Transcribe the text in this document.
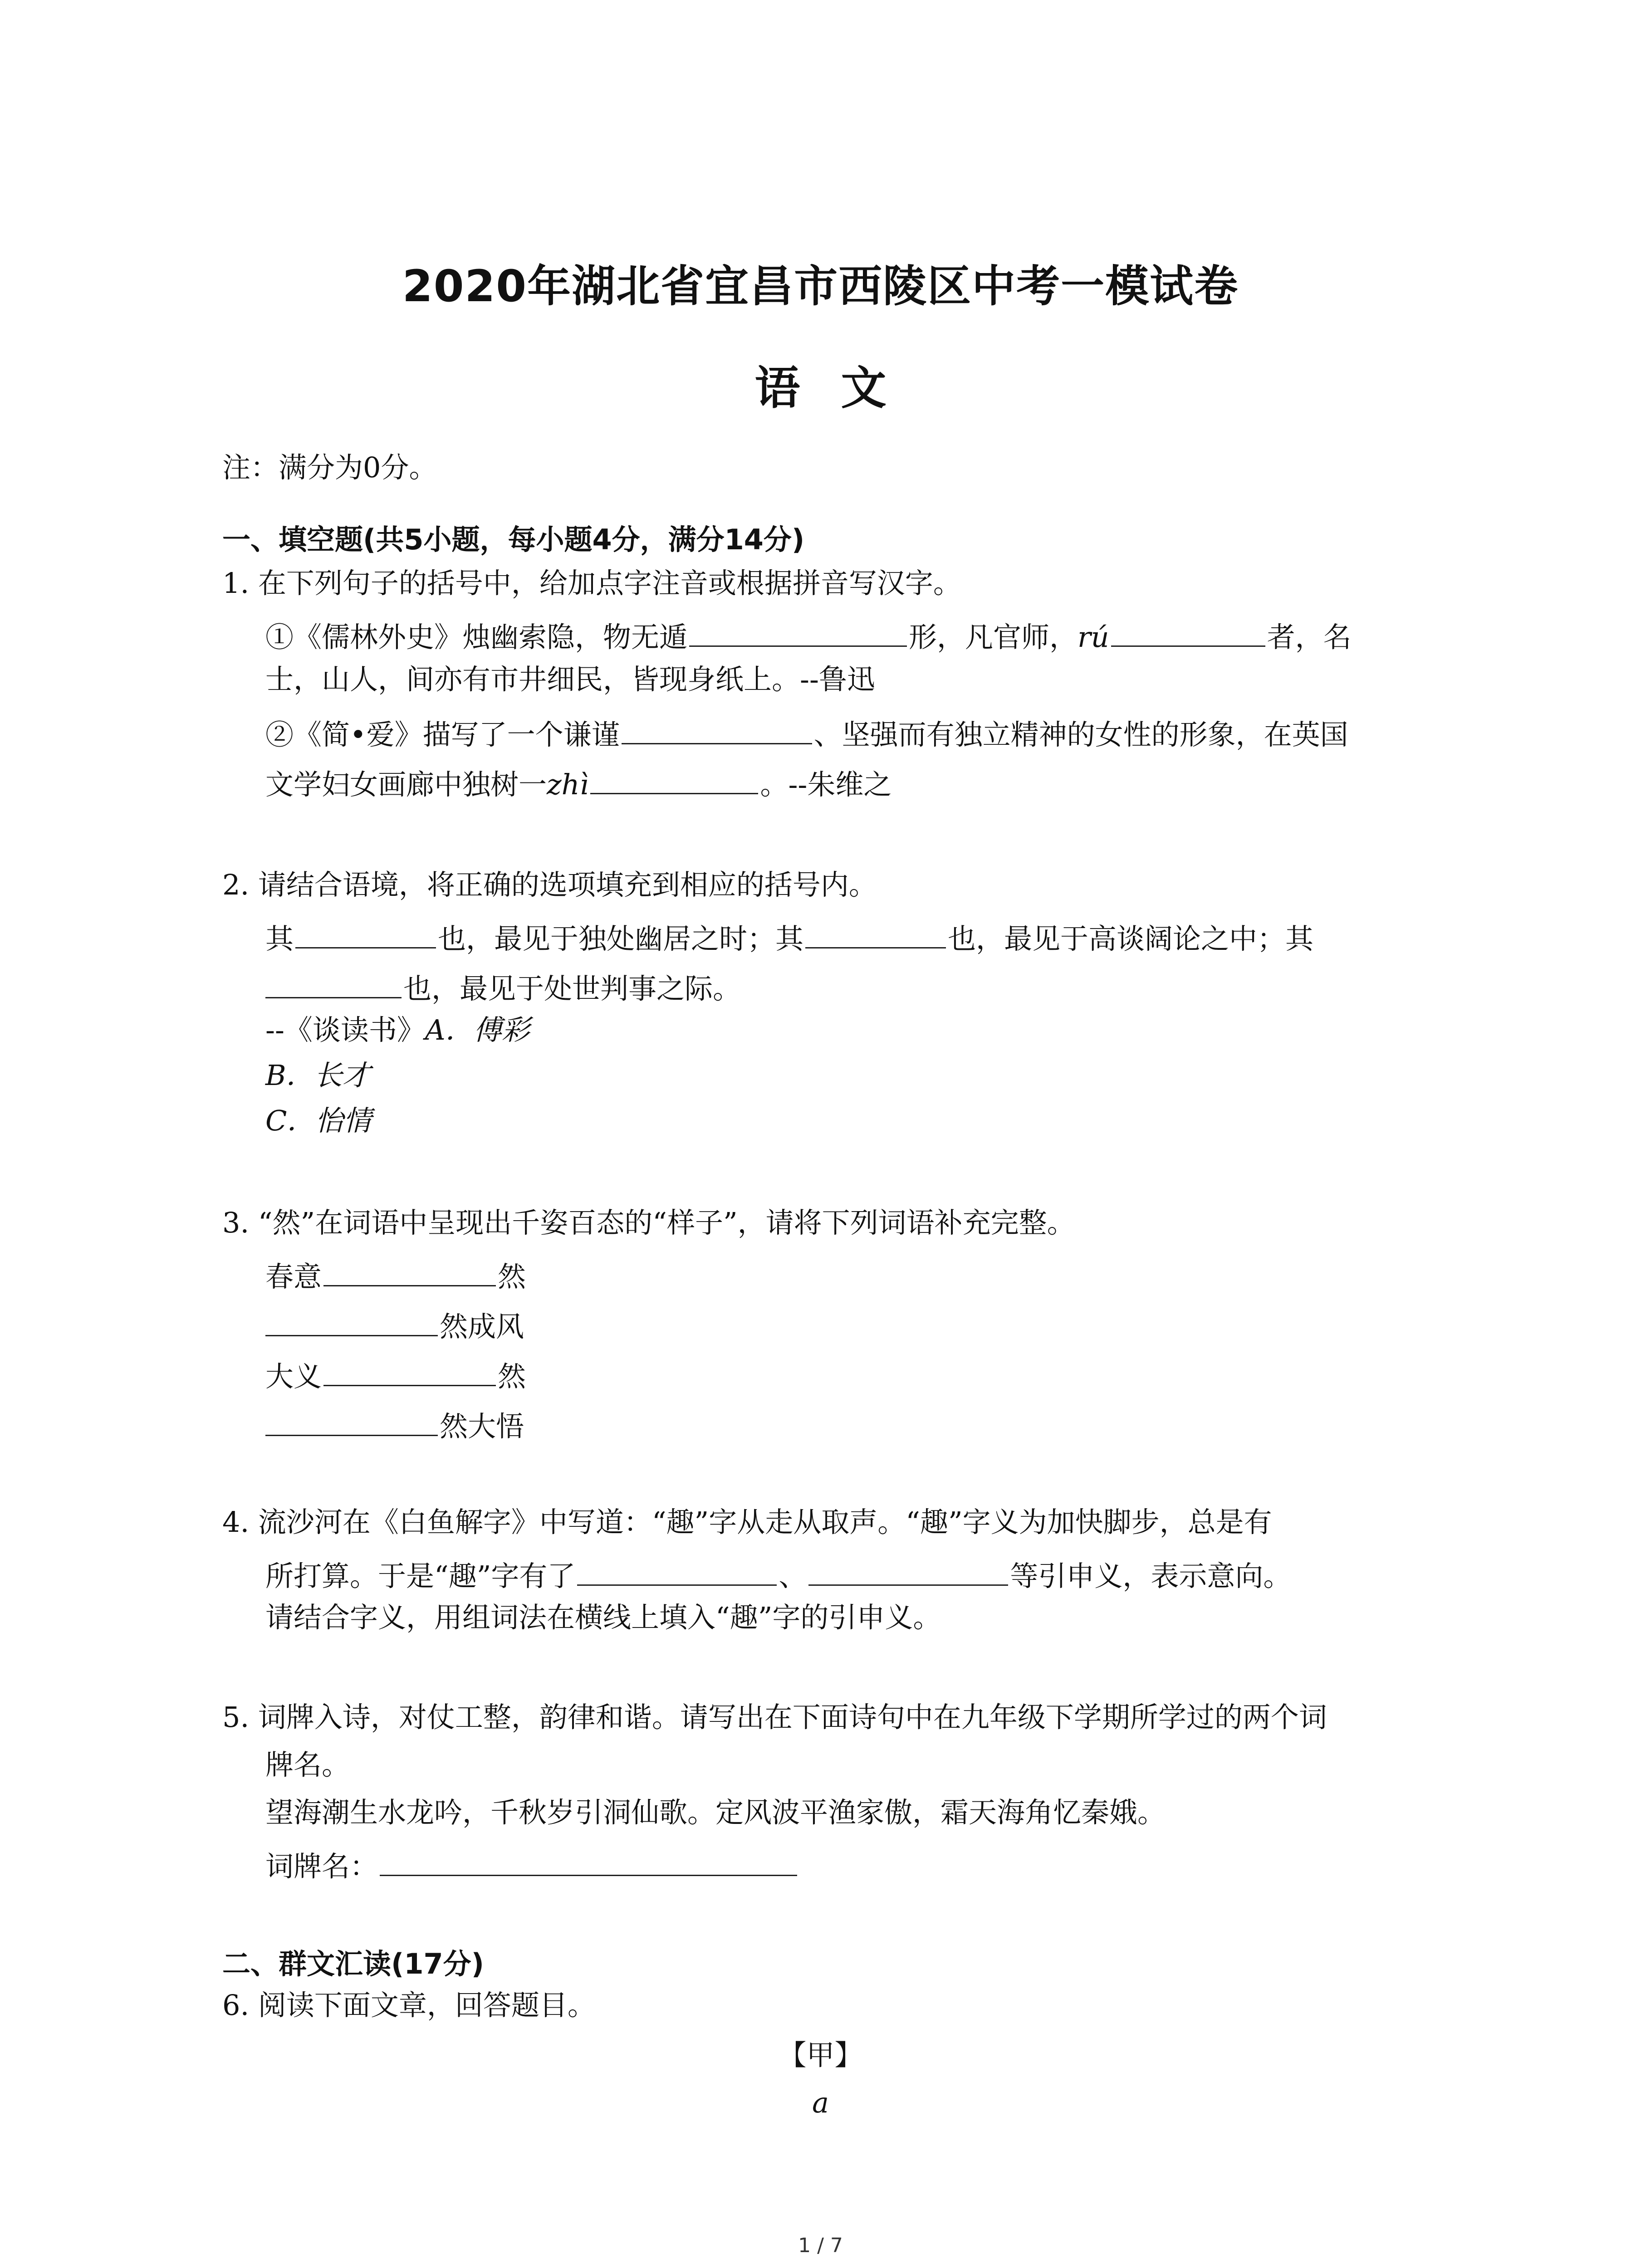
2020年湖北省宜昌市西陵区中考一模试卷
语文
注：满分为0分。
一、填空题(共5小题，每小题4分，满分14分)
1. 在下列句子的括号中，给加点字注音或根据拼音写汉字。
①《儒林外史》烛幽索隐，物无遁	形，凡官师，rú	者，名
士，山人，间亦有市井细民，皆现身纸上。--鲁迅
②《简•爱》描写了一个谦谨	、坚强而有独立精神的女性的形象，在英国
文学妇女画廊中独树一zhì	。--朱维之
2. 请结合语境，将正确的选项填充到相应的括号内。
其	也，最见于独处幽居之时；其	也，最见于高谈阔论之中；其
也，最见于处世判事之际。
--《谈读书》A．傅彩
B．长才
C．怡情
3. “然”在词语中呈现出千姿百态的“样子”，请将下列词语补充完整。
春意	然
然成风
大义	然
然大悟
4. 流沙河在《白鱼解字》中写道：“趣”字从走从取声。“趣”字义为加快脚步，总是有
所打算。于是“趣”字有了	、	等引申义，表示意向。
请结合字义，用组词法在横线上填入“趣”字的引申义。
5. 词牌入诗，对仗工整，韵律和谐。请写出在下面诗句中在九年级下学期所学过的两个词
牌名。
望海潮生水龙吟，千秋岁引洞仙歌。定风波平渔家傲，霜天海角忆秦娥。
词牌名：
二、群文汇读(17分)
6. 阅读下面文章，回答题目。
【甲】
a
1 / 7
